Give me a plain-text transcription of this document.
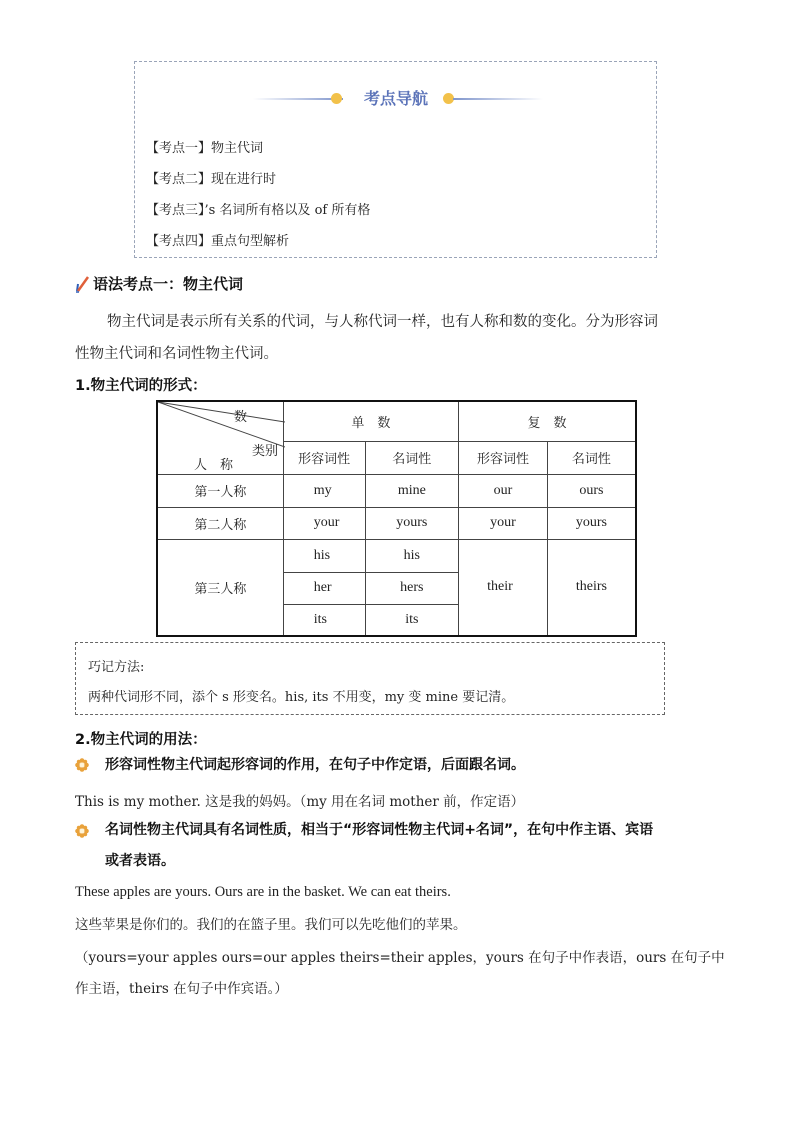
考点导航
【考点一】物主代词
【考点二】现在进行时
【考点三】’s 名词所有格以及 of 所有格
【考点四】重点句型解析
语法考点一：物主代词
物主代词是表示所有关系的代词，与人称代词一样，也有人称和数的变化。分为形容词
性物主代词和名词性物主代词。
1.物主代词的形式：
数
类别
人　称	单　数		复　数	
	形容词性	名词性	形容词性	名词性
第一人称	my	mine	our	ours
第二人称	your	yours	your	yours
第三人称	his	his	their	theirs
	her	hers		
	its	its		
巧记方法:
两种代词形不同，添个 s 形变名。his, its 不用变，my 变 mine 要记清。
2.物主代词的用法：
形容词性物主代词起形容词的作用，在句子中作定语，后面跟名词。
This is my mother. 这是我的妈妈。（my 用在名词 mother 前，作定语）
名词性物主代词具有名词性质，相当于“形容词性物主代词+名词”，在句中作主语、宾语
或者表语。
These apples are yours. Ours are in the basket. We can eat theirs.
这些苹果是你们的。我们的在篮子里。我们可以先吃他们的苹果。
（yours=your apples ours=our apples theirs=their apples，yours 在句子中作表语，ours 在句子中
作主语，theirs 在句子中作宾语。）
